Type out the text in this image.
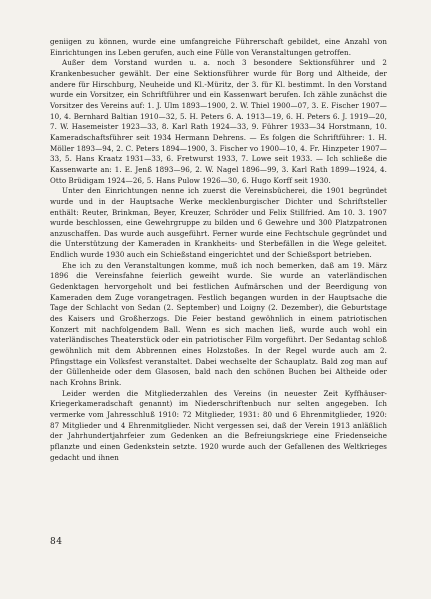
geniigen zu können, wurde eine umfangreiche Führerschaft gebildet, eine Anzahl von Einrichtungen ins Leben gerufen, auch eine Fülle von Veranstaltungen getroffen.

Außer dem Vorstand wurden u. a. noch 3 besondere Sektionsführer und 2 Krankenbesucher gewählt. Der eine Sektionsführer wurde für Borg und Altheide, der andere für Hirschburg, Neuheide und Kl.-Müritz, der 3. für Kl. bestimmt. In den Vorstand wurde ein Vorsitzer, ein Schriftführer und ein Kassenwart berufen. Ich zähle zunächst die Vorsitzer des Vereins auf: 1. J. Ulm 1893—1900, 2. W. Thiel 1900—07, 3. E. Fischer 1907—10, 4. Bernhard Baltian 1910—32, 5. H. Peters 6. A. 1913—19, 6. H. Peters 6. J. 1919—20, 7. W. Hasemeister 1923—33, 8. Karl Rath 1924—33, 9. Führer 1933—34 Horstmann, 10. Kameradschaftsführer seit 1934 Hermann Dehrens. — Es folgen die Schriftführer: 1. H. Möller 1893—94, 2. C. Peters 1894—1900, 3. Fischer vo 1900—10, 4. Fr. Hinzpeter 1907—33, 5. Hans Kraatz 1931—33, 6. Fretwurst 1933, 7. Lowe seit 1933. — Ich schließe die Kassenwarte an: 1. E. Jenß 1893—96, 2. W. Nagel 1896—99, 3. Karl Rath 1899—1924, 4. Otto Brüdigam 1924—26, 5. Hans Pulow 1926—30, 6. Hugo Korff seit 1930.

Unter den Einrichtungen nenne ich zuerst die Vereinsbücherei, die 1901 begründet wurde und in der Hauptsache Werke mecklenburgischer Dichter und Schriftsteller enthält: Reuter, Brinkman, Beyer, Kreuzer, Schröder und Felix Stillfried. Am 10. 3. 1907 wurde beschlossen, eine Gewehrgruppe zu bilden und 6 Gewehre und 300 Platzpatronen anzuschaffen. Das wurde auch ausgeführt. Ferner wurde eine Fechtschule gegründet und die Unterstützung der Kameraden in Krankheits- und Sterbefällen in die Wege geleitet. Endlich wurde 1930 auch ein Schießstand eingerichtet und der Schießsport betrieben.

Ehe ich zu den Veranstaltungen komme, muß ich noch bemerken, daß am 19. März 1896 die Vereinsfahne feierlich geweiht wurde. Sie wurde an vaterländischen Gedenktagen hervorgeholt und bei festlichen Aufmärschen und der Beerdigung von Kameraden dem Zuge vorangetragen. Festlich begangen wurden in der Hauptsache die Tage der Schlacht von Sedan (2. September) und Loigny (2. Dezember), die Geburtstage des Kaisers und Großherzogs. Die Feier bestand gewöhnlich in einem patriotischen Konzert mit nachfolgendem Ball. Wenn es sich machen ließ, wurde auch wohl ein vaterländisches Theaterstück oder ein patriotischer Film vorgeführt. Der Sedantag schloß gewöhnlich mit dem Abbrennen eines Holzstoßes. In der Regel wurde auch am 2. Pfingsttage ein Volksfest veranstaltet. Dabei wechselte der Schauplatz. Bald zog man auf der Güllenheide oder dem Glasosen, bald nach den schönen Buchen bei Altheide oder nach Krohns Brink.

Leider werden die Mitgliederzahlen des Vereins (in neuester Zeit Kyffhäuser-Kriegerkameradschaft genannt) im Niederschriftenbuch nur selten angegeben. Ich vermerke vom Jahresschluß 1910: 72 Mitglieder, 1931: 80 und 6 Ehrenmitglieder, 1920: 87 Mitglieder und 4 Ehrenmitglieder. Nicht vergessen sei, daß der Verein 1913 anläßlich der Jahrhundertjahrfeier zum Gedenken an die Befreiungskriege eine Friedenseiche pflanzte und einen Gedenkstein setzte. 1920 wurde auch der Gefallenen des Weltkrieges gedacht und ihnen

84
